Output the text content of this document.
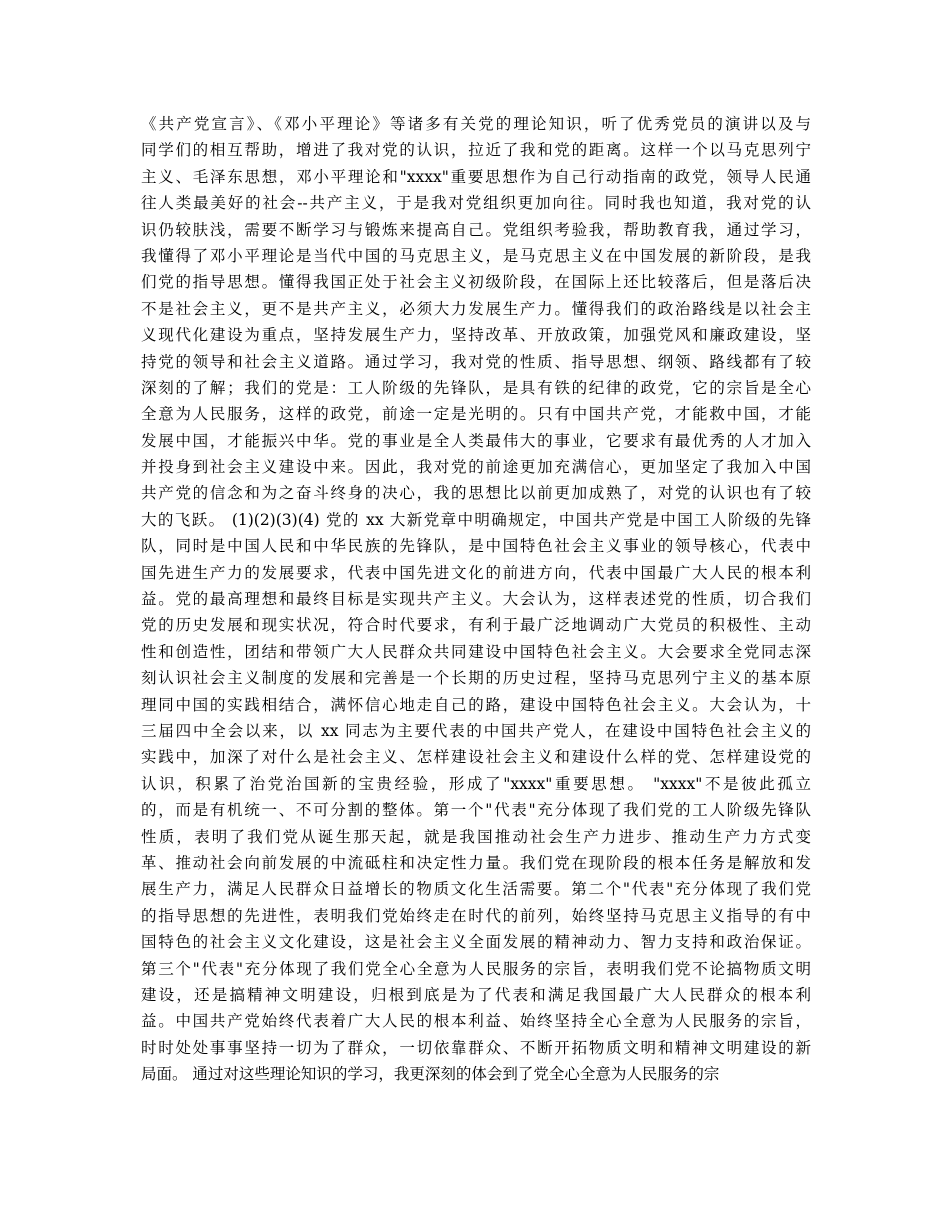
《共产党宣言》、《邓小平理论》等诸多有关党的理论知识，听了优秀党员的演讲以及与
同学们的相互帮助，增进了我对党的认识，拉近了我和党的距离。这样一个以马克思列宁
主义、毛泽东思想，邓小平理论和"xxxx"重要思想作为自己行动指南的政党，领导人民通
往人类最美好的社会--共产主义，于是我对党组织更加向往。同时我也知道，我对党的认
识仍较肤浅，需要不断学习与锻炼来提高自己。党组织考验我，帮助教育我，通过学习，
我懂得了邓小平理论是当代中国的马克思主义，是马克思主义在中国发展的新阶段，是我
们党的指导思想。懂得我国正处于社会主义初级阶段，在国际上还比较落后，但是落后决
不是社会主义，更不是共产主义，必须大力发展生产力。懂得我们的政治路线是以社会主
义现代化建设为重点，坚持发展生产力，坚持改革、开放政策，加强党风和廉政建设，坚
持党的领导和社会主义道路。通过学习，我对党的性质、指导思想、纲领、路线都有了较
深刻的了解；我们的党是：工人阶级的先锋队，是具有铁的纪律的政党，它的宗旨是全心
全意为人民服务，这样的政党，前途一定是光明的。只有中国共产党，才能救中国，才能
发展中国，才能振兴中华。党的事业是全人类最伟大的事业，它要求有最优秀的人才加入
并投身到社会主义建设中来。因此，我对党的前途更加充满信心，更加坚定了我加入中国
共产党的信念和为之奋斗终身的决心，我的思想比以前更加成熟了，对党的认识也有了较
大的飞跃。 (1)(2)(3)(4) 党的 xx 大新党章中明确规定，中国共产党是中国工人阶级的先锋
队，同时是中国人民和中华民族的先锋队，是中国特色社会主义事业的领导核心，代表中
国先进生产力的发展要求，代表中国先进文化的前进方向，代表中国最广大人民的根本利
益。党的最高理想和最终目标是实现共产主义。大会认为，这样表述党的性质，切合我们
党的历史发展和现实状况，符合时代要求，有利于最广泛地调动广大党员的积极性、主动
性和创造性，团结和带领广大人民群众共同建设中国特色社会主义。大会要求全党同志深
刻认识社会主义制度的发展和完善是一个长期的历史过程，坚持马克思列宁主义的基本原
理同中国的实践相结合，满怀信心地走自己的路，建设中国特色社会主义。大会认为，十
三届四中全会以来，以 xx 同志为主要代表的中国共产党人，在建设中国特色社会主义的
实践中，加深了对什么是社会主义、怎样建设社会主义和建设什么样的党、怎样建设党的
认识，积累了治党治国新的宝贵经验，形成了"xxxx"重要思想。 "xxxx"不是彼此孤立
的，而是有机统一、不可分割的整体。第一个"代表"充分体现了我们党的工人阶级先锋队
性质，表明了我们党从诞生那天起，就是我国推动社会生产力进步、推动生产力方式变
革、推动社会向前发展的中流砥柱和决定性力量。我们党在现阶段的根本任务是解放和发
展生产力，满足人民群众日益增长的物质文化生活需要。第二个"代表"充分体现了我们党
的指导思想的先进性，表明我们党始终走在时代的前列，始终坚持马克思主义指导的有中
国特色的社会主义文化建设，这是社会主义全面发展的精神动力、智力支持和政治保证。
第三个"代表"充分体现了我们党全心全意为人民服务的宗旨，表明我们党不论搞物质文明
建设，还是搞精神文明建设，归根到底是为了代表和满足我国最广大人民群众的根本利
益。中国共产党始终代表着广大人民的根本利益、始终坚持全心全意为人民服务的宗旨，
时时处处事事坚持一切为了群众，一切依靠群众、不断开拓物质文明和精神文明建设的新
局面。 通过对这些理论知识的学习，我更深刻的体会到了党全心全意为人民服务的宗
